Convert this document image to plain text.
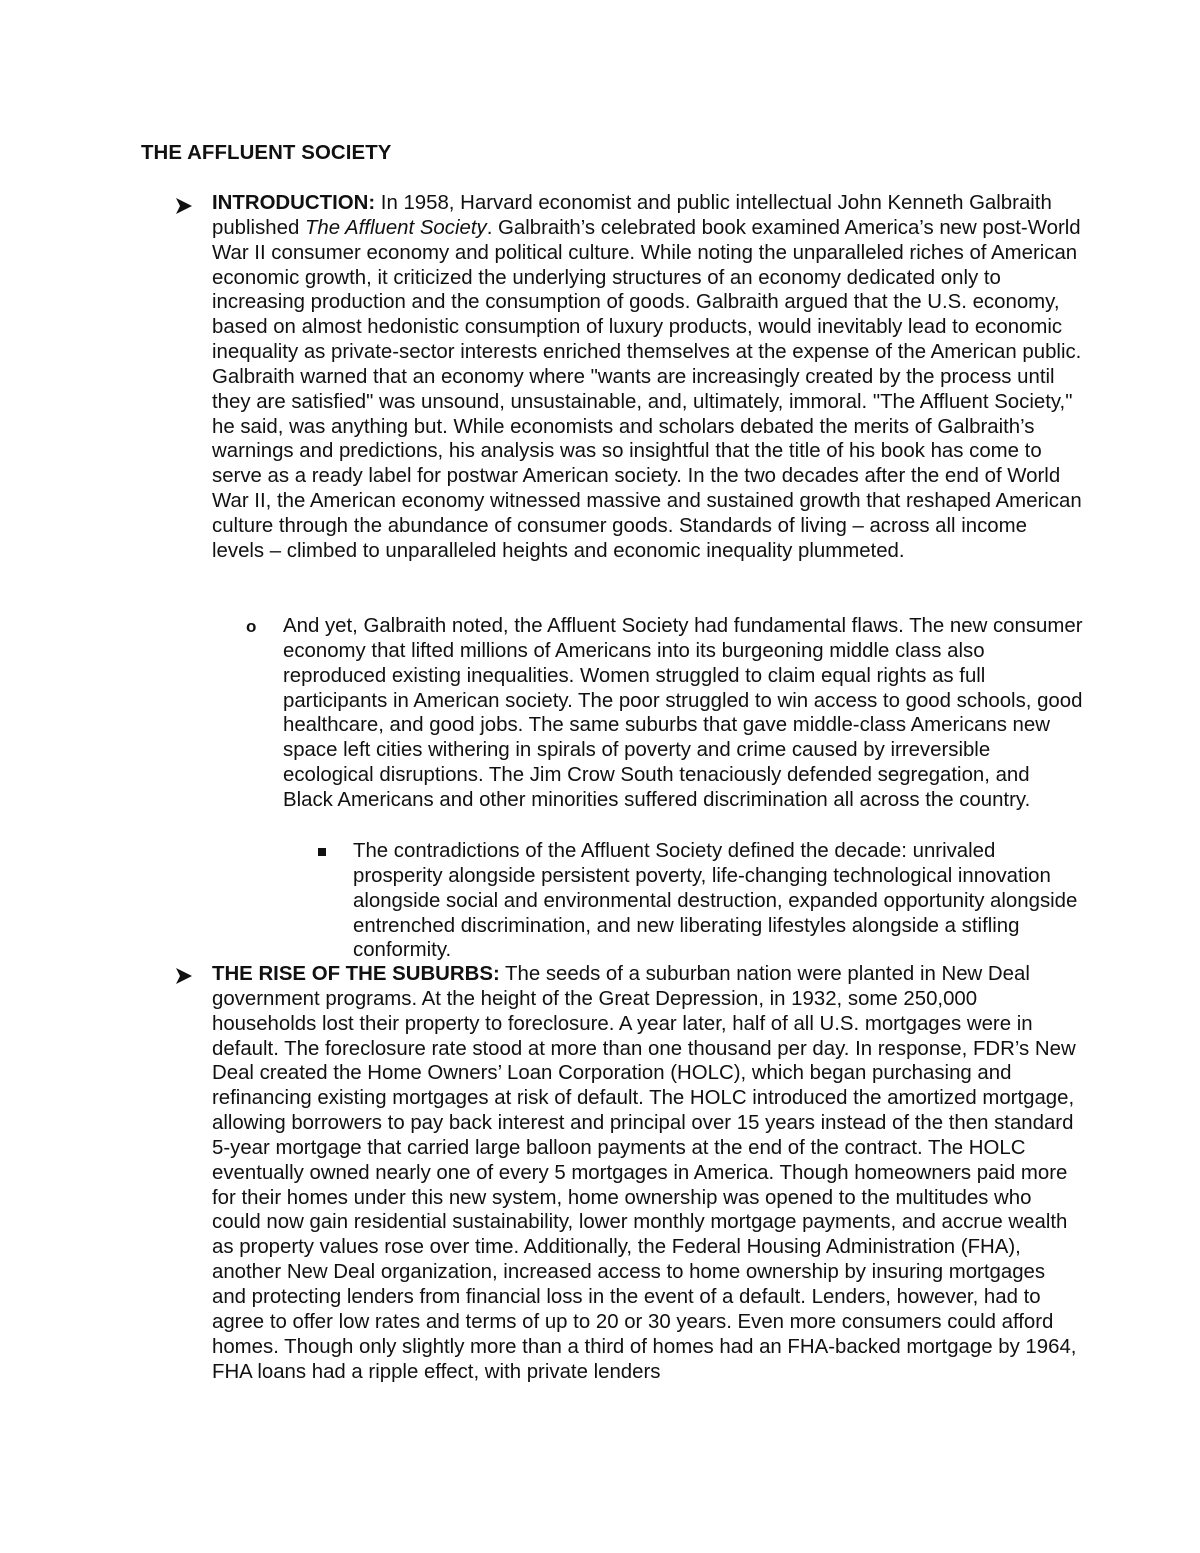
THE AFFLUENT SOCIETY

INTRODUCTION: In 1958, Harvard economist and public intellectual John Kenneth Galbraith published The Affluent Society. Galbraith’s celebrated book examined America’s new post-World War II consumer economy and political culture. While noting the unparalleled riches of American economic growth, it criticized the underlying structures of an economy dedicated only to increasing production and the consumption of goods. Galbraith argued that the U.S. economy, based on almost hedonistic consumption of luxury products, would inevitably lead to economic inequality as private-sector interests enriched themselves at the expense of the American public. Galbraith warned that an economy where "wants are increasingly created by the process until they are satisfied" was unsound, unsustainable, and, ultimately, immoral. "The Affluent Society," he said, was anything but. While economists and scholars debated the merits of Galbraith’s warnings and predictions, his analysis was so insightful that the title of his book has come to serve as a ready label for postwar American society. In the two decades after the end of World War II, the American economy witnessed massive and sustained growth that reshaped American culture through the abundance of consumer goods. Standards of living – across all income levels – climbed to unparalleled heights and economic inequality plummeted.

o And yet, Galbraith noted, the Affluent Society had fundamental flaws. The new consumer economy that lifted millions of Americans into its burgeoning middle class also reproduced existing inequalities. Women struggled to claim equal rights as full participants in American society. The poor struggled to win access to good schools, good healthcare, and good jobs. The same suburbs that gave middle-class Americans new space left cities withering in spirals of poverty and crime caused by irreversible ecological disruptions. The Jim Crow South tenaciously defended segregation, and Black Americans and other minorities suffered discrimination all across the country.

The contradictions of the Affluent Society defined the decade: unrivaled prosperity alongside persistent poverty, life-changing technological innovation alongside social and environmental destruction, expanded opportunity alongside entrenched discrimination, and new liberating lifestyles alongside a stifling conformity.

THE RISE OF THE SUBURBS: The seeds of a suburban nation were planted in New Deal government programs. At the height of the Great Depression, in 1932, some 250,000 households lost their property to foreclosure. A year later, half of all U.S. mortgages were in default. The foreclosure rate stood at more than one thousand per day. In response, FDR’s New Deal created the Home Owners’ Loan Corporation (HOLC), which began purchasing and refinancing existing mortgages at risk of default. The HOLC introduced the amortized mortgage, allowing borrowers to pay back interest and principal over 15 years instead of the then standard 5-year mortgage that carried large balloon payments at the end of the contract. The HOLC eventually owned nearly one of every 5 mortgages in America. Though homeowners paid more for their homes under this new system, home ownership was opened to the multitudes who could now gain residential sustainability, lower monthly mortgage payments, and accrue wealth as property values rose over time. Additionally, the Federal Housing Administration (FHA), another New Deal organization, increased access to home ownership by insuring mortgages and protecting lenders from financial loss in the event of a default. Lenders, however, had to agree to offer low rates and terms of up to 20 or 30 years. Even more consumers could afford homes. Though only slightly more than a third of homes had an FHA-backed mortgage by 1964, FHA loans had a ripple effect, with private lenders
